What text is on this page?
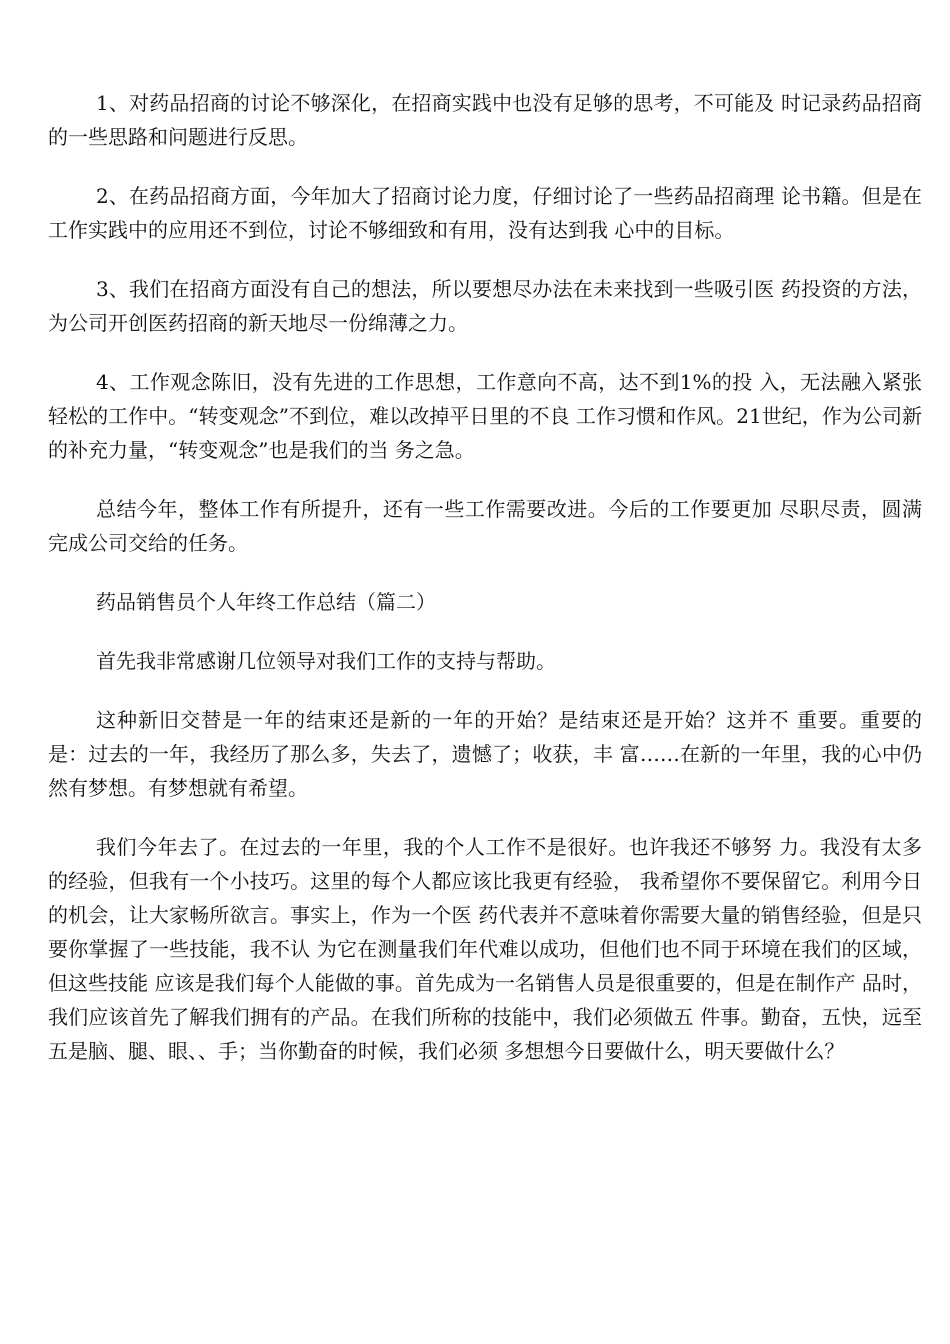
1、对药品招商的讨论不够深化，在招商实践中也没有足够的思考，不可能及 时记录药品招商的一些思路和问题进行反思。

2、在药品招商方面，今年加大了招商讨论力度，仔细讨论了一些药品招商理 论书籍。但是在工作实践中的应用还不到位，讨论不够细致和有用，没有达到我 心中的目标。

3、我们在招商方面没有自己的想法，所以要想尽办法在未来找到一些吸引医 药投资的方法，为公司开创医药招商的新天地尽一份绵薄之力。

4、工作观念陈旧，没有先进的工作思想，工作意向不高，达不到1%的投 入，无法融入紧张轻松的工作中。“转变观念”不到位，难以改掉平日里的不良 工作习惯和作风。21世纪，作为公司新的补充力量，“转变观念”也是我们的当 务之急。

总结今年，整体工作有所提升，还有一些工作需要改进。今后的工作要更加 尽职尽责，圆满完成公司交给的任务。

药品销售员个人年终工作总结（篇二）

首先我非常感谢几位领导对我们工作的支持与帮助。

这种新旧交替是一年的结束还是新的一年的开始？是结束还是开始？这并不 重要。重要的是：过去的一年，我经历了那么多，失去了，遗憾了；收获，丰 富……在新的一年里，我的心中仍然有梦想。有梦想就有希望。

我们今年去了。在过去的一年里，我的个人工作不是很好。也许我还不够努 力。我没有太多的经验，但我有一个小技巧。这里的每个人都应该比我更有经验， 我希望你不要保留它。利用今日的机会，让大家畅所欲言。事实上，作为一个医 药代表并不意味着你需要大量的销售经验，但是只要你掌握了一些技能，我不认 为它在测量我们年代难以成功，但他们也不同于环境在我们的区域，但这些技能 应该是我们每个人能做的事。首先成为一名销售人员是很重要的，但是在制作产 品时，我们应该首先了解我们拥有的产品。在我们所称的技能中，我们必须做五 件事。勤奋，五快，远至五是脑、腿、眼、、手；当你勤奋的时候，我们必须 多想想今日要做什么，明天要做什么？
